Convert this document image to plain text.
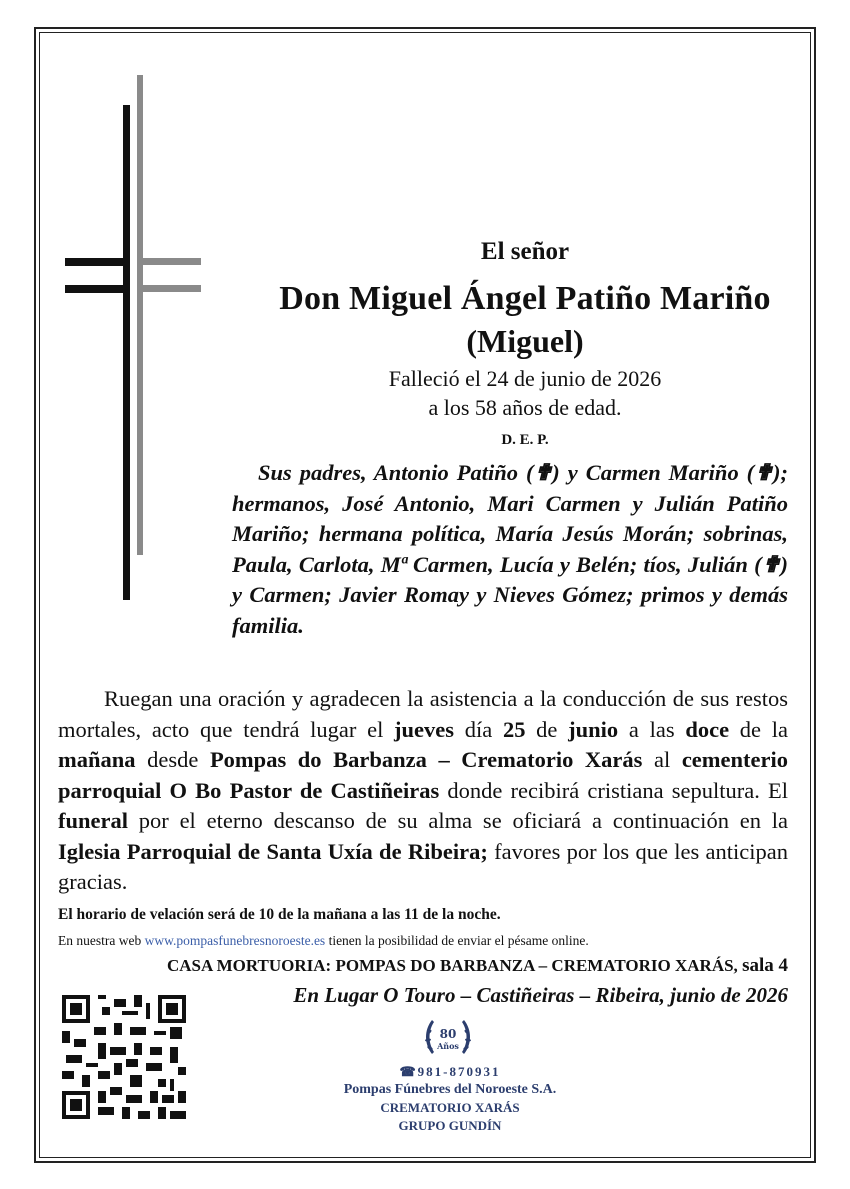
El señor
Don Miguel Ángel Patiño Mariño
(Miguel)
Falleció el 24 de junio de 2026
a los 58 años de edad.
D. E. P.
Sus padres, Antonio Patiño (✟) y Carmen Mariño (✟); hermanos, José Antonio, Mari Carmen y Julián Patiño Mariño; hermana política, María Jesús Morán; sobrinas, Paula, Carlota, Mª Carmen, Lucía y Belén; tíos, Julián (✟) y Carmen; Javier Romay y Nieves Gómez; primos y demás familia.
Ruegan una oración y agradecen la asistencia a la conducción de sus restos mortales, acto que tendrá lugar el jueves día 25 de junio a las doce de la mañana desde Pompas do Barbanza – Crematorio Xarás al cementerio parroquial O Bo Pastor de Castiñeiras donde recibirá cristiana sepultura. El funeral por el eterno descanso de su alma se oficiará a continuación en la Iglesia Parroquial de Santa Uxía de Ribeira; favores por los que les anticipan gracias.
El horario de velación será de 10 de la mañana a las 11 de la noche.
En nuestra web www.pompasfunebresnoroeste.es tienen la posibilidad de enviar el pésame online.
CASA MORTUORIA: POMPAS DO BARBANZA – CREMATORIO XARÁS, sala 4
En Lugar O Touro – Castiñeiras – Ribeira, junio de 2026
80
Años
☎981-870931
Pompas Fúnebres del Noroeste S.A.
CREMATORIO XARÁS
GRUPO GUNDÍN
